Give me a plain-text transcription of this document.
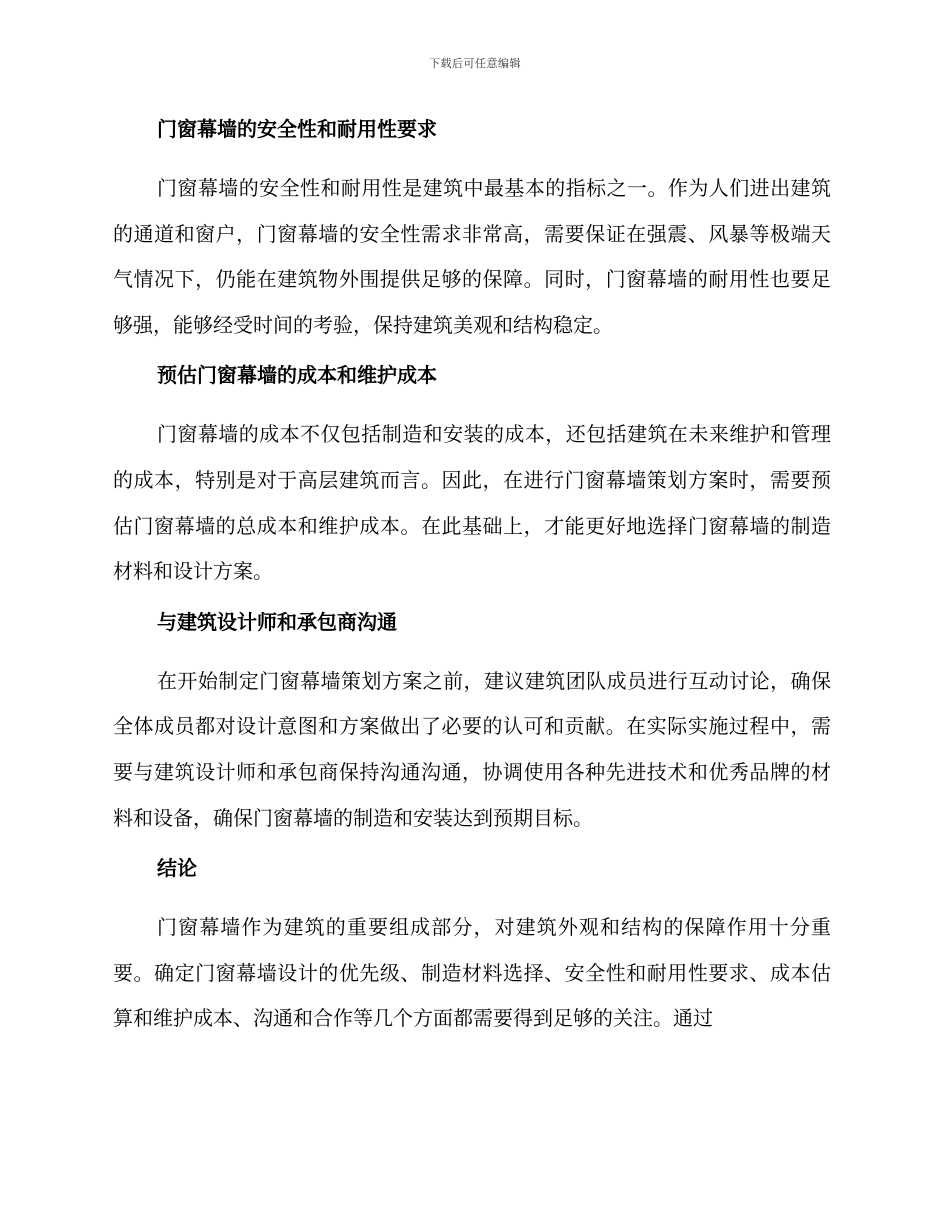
下载后可任意编辑
门窗幕墙的安全性和耐用性要求

门窗幕墙的安全性和耐用性是建筑中最基本的指标之一。作为人们进出建筑的通道和窗户，门窗幕墙的安全性需求非常高，需要保证在强震、风暴等极端天气情况下，仍能在建筑物外围提供足够的保障。同时，门窗幕墙的耐用性也要足够强，能够经受时间的考验，保持建筑美观和结构稳定。

预估门窗幕墙的成本和维护成本

门窗幕墙的成本不仅包括制造和安装的成本，还包括建筑在未来维护和管理的成本，特别是对于高层建筑而言。因此，在进行门窗幕墙策划方案时，需要预估门窗幕墙的总成本和维护成本。在此基础上，才能更好地选择门窗幕墙的制造材料和设计方案。

与建筑设计师和承包商沟通

在开始制定门窗幕墙策划方案之前，建议建筑团队成员进行互动讨论，确保全体成员都对设计意图和方案做出了必要的认可和贡献。在实际实施过程中，需要与建筑设计师和承包商保持沟通沟通，协调使用各种先进技术和优秀品牌的材料和设备，确保门窗幕墙的制造和安装达到预期目标。

结论

门窗幕墙作为建筑的重要组成部分，对建筑外观和结构的保障作用十分重要。确定门窗幕墙设计的优先级、制造材料选择、安全性和耐用性要求、成本估算和维护成本、沟通和合作等几个方面都需要得到足够的关注。通过
